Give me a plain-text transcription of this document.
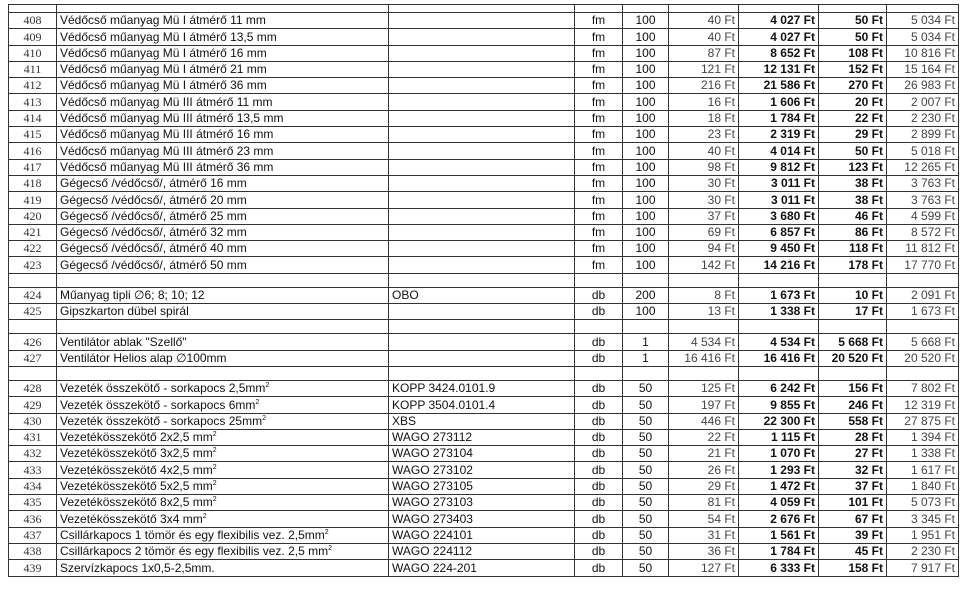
408	Védőcső műanyag Mü I átmérő 11 mm		fm	100	40 Ft	4 027 Ft	50 Ft	5 034 Ft
409	Védőcső műanyag Mü I átmérő 13,5 mm		fm	100	40 Ft	4 027 Ft	50 Ft	5 034 Ft
410	Védőcső műanyag Mü I átmérő 16 mm		fm	100	87 Ft	8 652 Ft	108 Ft	10 816 Ft
411	Védőcső műanyag Mü I átmérő 21 mm		fm	100	121 Ft	12 131 Ft	152 Ft	15 164 Ft
412	Védőcső műanyag Mü I átmérő 36 mm		fm	100	216 Ft	21 586 Ft	270 Ft	26 983 Ft
413	Védőcső műanyag Mü III átmérő 11 mm		fm	100	16 Ft	1 606 Ft	20 Ft	2 007 Ft
414	Védőcső műanyag Mü III átmérő 13,5 mm		fm	100	18 Ft	1 784 Ft	22 Ft	2 230 Ft
415	Védőcső műanyag Mü III átmérő 16 mm		fm	100	23 Ft	2 319 Ft	29 Ft	2 899 Ft
416	Védőcső műanyag Mü III átmérő 23 mm		fm	100	40 Ft	4 014 Ft	50 Ft	5 018 Ft
417	Védőcső műanyag Mü III átmérő 36 mm		fm	100	98 Ft	9 812 Ft	123 Ft	12 265 Ft
418	Gégecső /védőcső/, átmérő 16 mm		fm	100	30 Ft	3 011 Ft	38 Ft	3 763 Ft
419	Gégecső /védőcső/, átmérő 20 mm		fm	100	30 Ft	3 011 Ft	38 Ft	3 763 Ft
420	Gégecső /védőcső/, átmérő 25 mm		fm	100	37 Ft	3 680 Ft	46 Ft	4 599 Ft
421	Gégecső /védőcső/, átmérő 32 mm		fm	100	69 Ft	6 857 Ft	86 Ft	8 572 Ft
422	Gégecső /védőcső/, átmérő 40 mm		fm	100	94 Ft	9 450 Ft	118 Ft	11 812 Ft
423	Gégecső /védőcső/, átmérő 50 mm		fm	100	142 Ft	14 216 Ft	178 Ft	17 770 Ft

424	Műanyag tipli ∅6; 8; 10; 12	OBO	db	200	8 Ft	1 673 Ft	10 Ft	2 091 Ft
425	Gipszkarton dübel spirál		db	100	13 Ft	1 338 Ft	17 Ft	1 673 Ft

426	Ventilátor ablak "Szellő"		db	1	4 534 Ft	4 534 Ft	5 668 Ft	5 668 Ft
427	Ventilátor Helios alap ∅100mm		db	1	16 416 Ft	16 416 Ft	20 520 Ft	20 520 Ft

428	Vezeték összekötő - sorkapocs $2,5mm^2$	KOPP 3424.0101.9	db	50	125 Ft	6 242 Ft	156 Ft	7 802 Ft
429	Vezeték összekötő - sorkapocs $6mm^2$	KOPP 3504.0101.4	db	50	197 Ft	9 855 Ft	246 Ft	12 319 Ft
430	Vezeték összekötő - sorkapocs $25mm^2$	XBS	db	50	446 Ft	22 300 Ft	558 Ft	27 875 Ft
431	Vezetékösszekötő 2x2,5 $mm^2$	WAGO 273112	db	50	22 Ft	1 115 Ft	28 Ft	1 394 Ft
432	Vezetékösszekötő 3x2,5 $mm^2$	WAGO 273104	db	50	21 Ft	1 070 Ft	27 Ft	1 338 Ft
433	Vezetékösszekötő 4x2,5 $mm^2$	WAGO 273102	db	50	26 Ft	1 293 Ft	32 Ft	1 617 Ft
434	Vezetékösszekötő 5x2,5 $mm^2$	WAGO 273105	db	50	29 Ft	1 472 Ft	37 Ft	1 840 Ft
435	Vezetékösszekötő 8x2,5 $mm^2$	WAGO 273103	db	50	81 Ft	4 059 Ft	101 Ft	5 073 Ft
436	Vezetékösszekötő 3x4 $mm^2$	WAGO 273403	db	50	54 Ft	2 676 Ft	67 Ft	3 345 Ft
437	Csillárkapocs 1 tömör és egy flexibilis vez. $2,5mm^2$	WAGO 224101	db	50	31 Ft	1 561 Ft	39 Ft	1 951 Ft
438	Csillárkapocs 2 tömör és egy flexibilis vez. 2,5 $mm^2$	WAGO 224112	db	50	36 Ft	1 784 Ft	45 Ft	2 230 Ft
439	Szervízkapocs 1x0,5-2,5mm.	WAGO 224-201	db	50	127 Ft	6 333 Ft	158 Ft	7 917 Ft
